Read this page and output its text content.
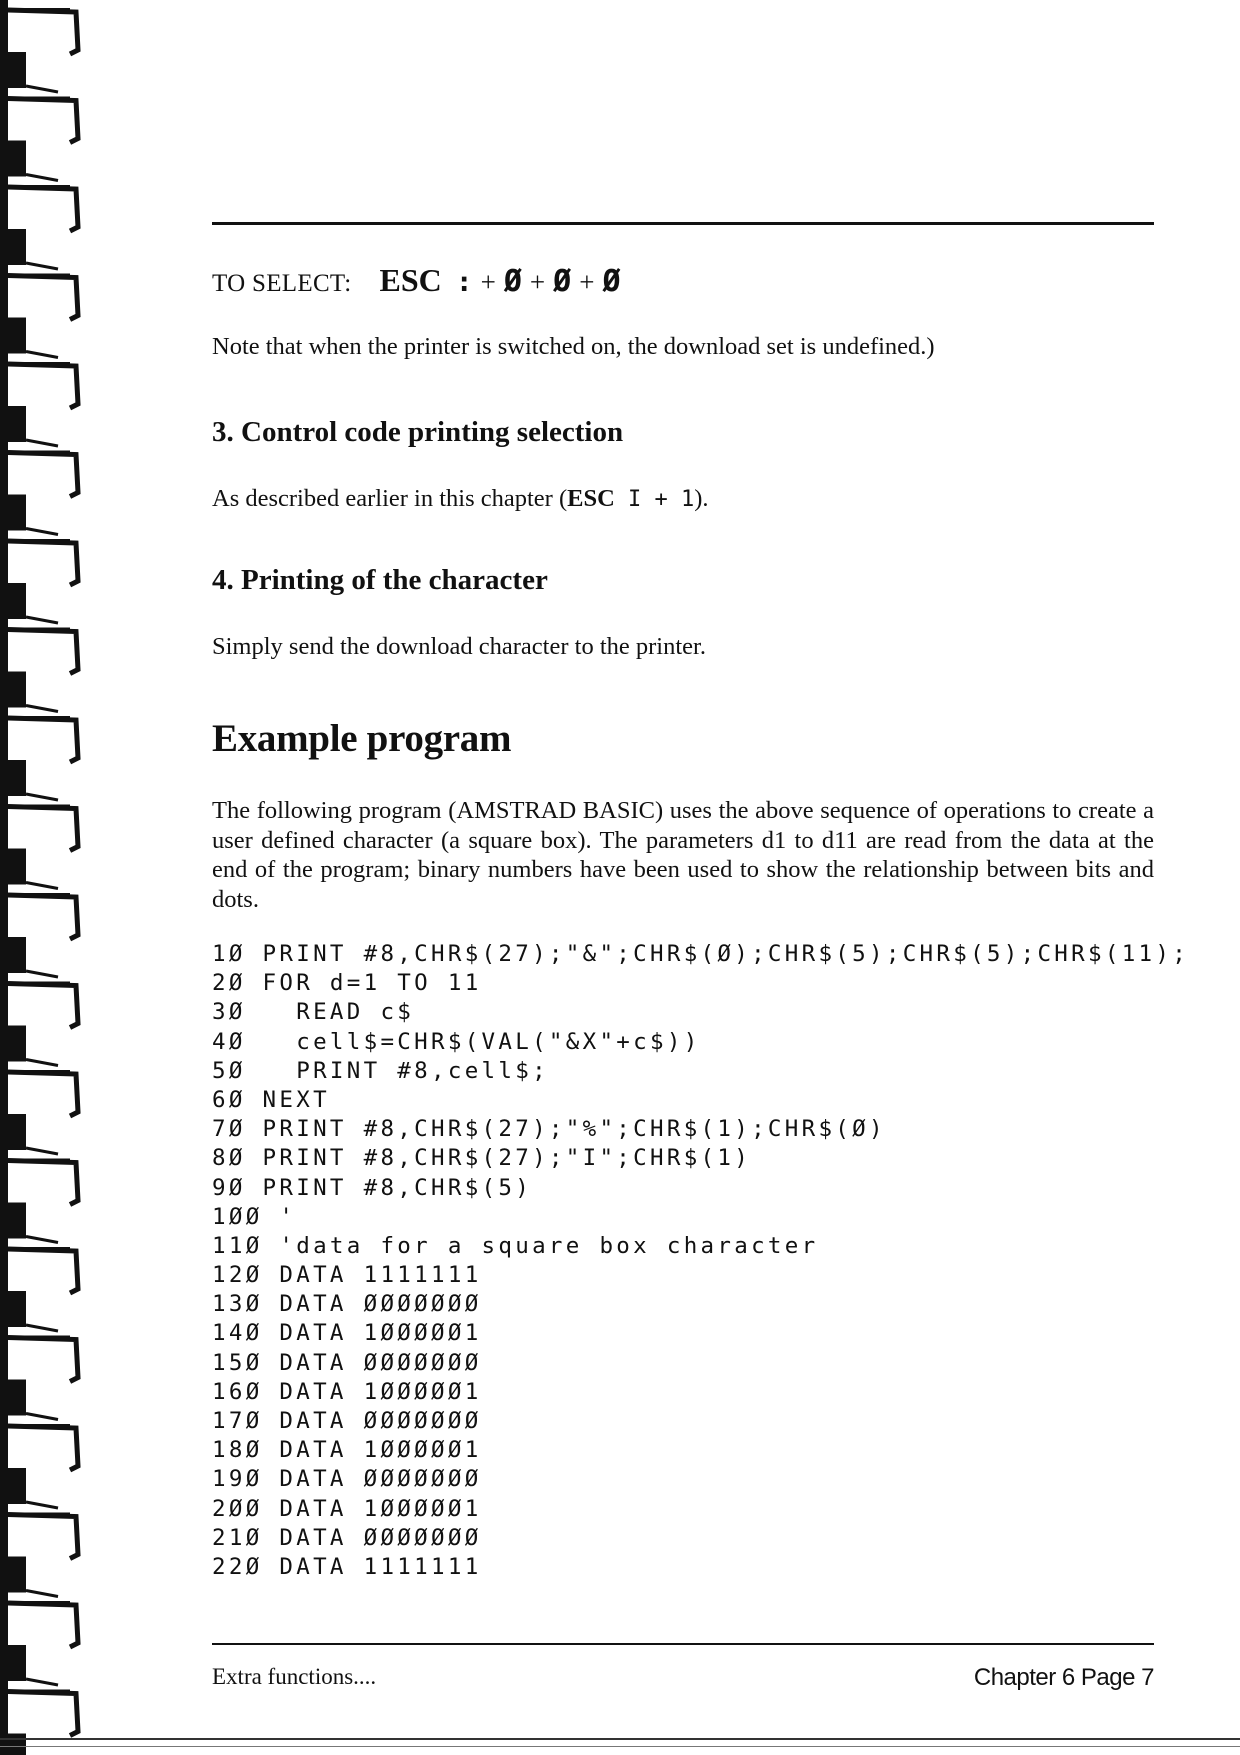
TO SELECT: ESC : + Ø + Ø + Ø

Note that when the printer is switched on, the download set is undefined.)

3. Control code printing selection

As described earlier in this chapter (ESC I + 1).

4. Printing of the character

Simply send the download character to the printer.

Example program

The following program (AMSTRAD BASIC) uses the above sequence of operations to create a user defined character (a square box). The parameters d1 to d11 are read from the data at the end of the program; binary numbers have been used to show the relationship between bits and dots.

1Ø PRINT #8,CHR$(27);"&";CHR$(Ø);CHR$(5);CHR$(5);CHR$(11);
2Ø FOR d=1 TO 11
3Ø   READ c$
4Ø   cell$=CHR$(VAL("&X"+c$))
5Ø   PRINT #8,cell$;
6Ø NEXT
7Ø PRINT #8,CHR$(27);"%";CHR$(1);CHR$(Ø)
8Ø PRINT #8,CHR$(27);"I";CHR$(1)
9Ø PRINT #8,CHR$(5)
1ØØ '
11Ø 'data for a square box character
12Ø DATA 1111111
13Ø DATA ØØØØØØØ
14Ø DATA 1ØØØØØ1
15Ø DATA ØØØØØØØ
16Ø DATA 1ØØØØØ1
17Ø DATA ØØØØØØØ
18Ø DATA 1ØØØØØ1
19Ø DATA ØØØØØØØ
2ØØ DATA 1ØØØØØ1
21Ø DATA ØØØØØØØ
22Ø DATA 1111111
Extra functions....	Chapter 6 Page 7
